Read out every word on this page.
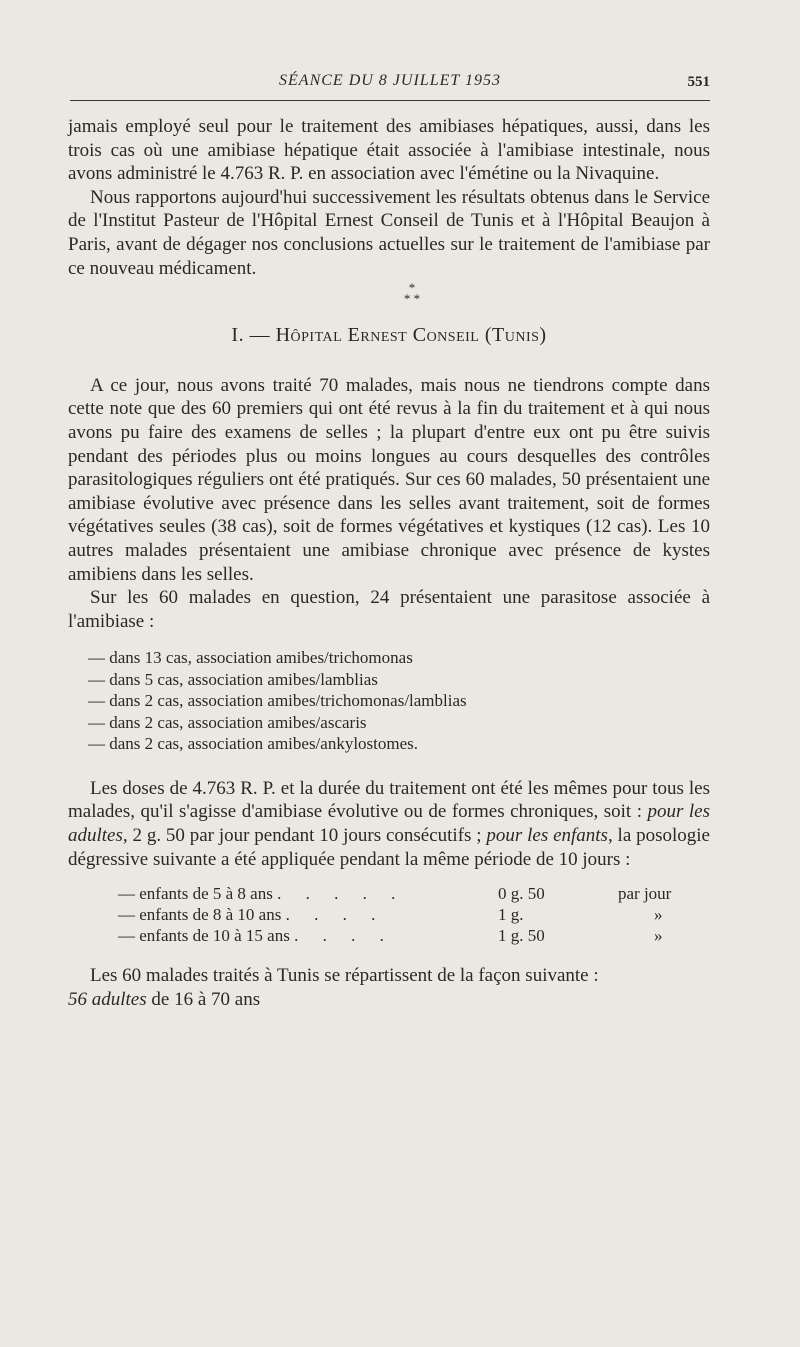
SÉANCE DU 8 JUILLET 1953	551

jamais employé seul pour le traitement des amibiases hépatiques, aussi, dans les trois cas où une amibiase hépatique était associée à l'amibiase intestinale, nous avons administré le 4.763 R. P. en association avec l'émétine ou la Nivaquine.

Nous rapportons aujourd'hui successivement les résultats obtenus dans le Service de l'Institut Pasteur de l'Hôpital Ernest Conseil de Tunis et à l'Hôpital Beaujon à Paris, avant de dégager nos conclusions actuelles sur le traitement de l'amibiase par ce nouveau médicament.

*
* *
I. — Hôpital Ernest Conseil (Tunis)

A ce jour, nous avons traité 70 malades, mais nous ne tiendrons compte dans cette note que des 60 premiers qui ont été revus à la fin du traitement et à qui nous avons pu faire des examens de selles ; la plupart d'entre eux ont pu être suivis pendant des périodes plus ou moins longues au cours desquelles des contrôles parasitologiques réguliers ont été pratiqués. Sur ces 60 malades, 50 présentaient une amibiase évolutive avec présence dans les selles avant traitement, soit de formes végétatives seules (38 cas), soit de formes végétatives et kystiques (12 cas). Les 10 autres malades présentaient une amibiase chronique avec présence de kystes amibiens dans les selles.

Sur les 60 malades en question, 24 présentaient une parasitose associée à l'amibiase :

— dans 13 cas, association amibes/trichomonas
— dans 5 cas, association amibes/lamblias
— dans 2 cas, association amibes/trichomonas/lamblias
— dans 2 cas, association amibes/ascaris
— dans 2 cas, association amibes/ankylostomes.

Les doses de 4.763 R. P. et la durée du traitement ont été les mêmes pour tous les malades, qu'il s'agisse d'amibiase évolutive ou de formes chroniques, soit : pour les adultes, 2 g. 50 par jour pendant 10 jours consécutifs ; pour les enfants, la posologie dégressive suivante a été appliquée pendant la même période de 10 jours :

— enfants de 5 à 8 ans . . . . .	0 g. 50	par jour
— enfants de 8 à 10 ans . . . .	1 g.	»
— enfants de 10 à 15 ans . . . .	1 g. 50	»

Les 60 malades traités à Tunis se répartissent de la façon suivante :

56 adultes de 16 à 70 ans
